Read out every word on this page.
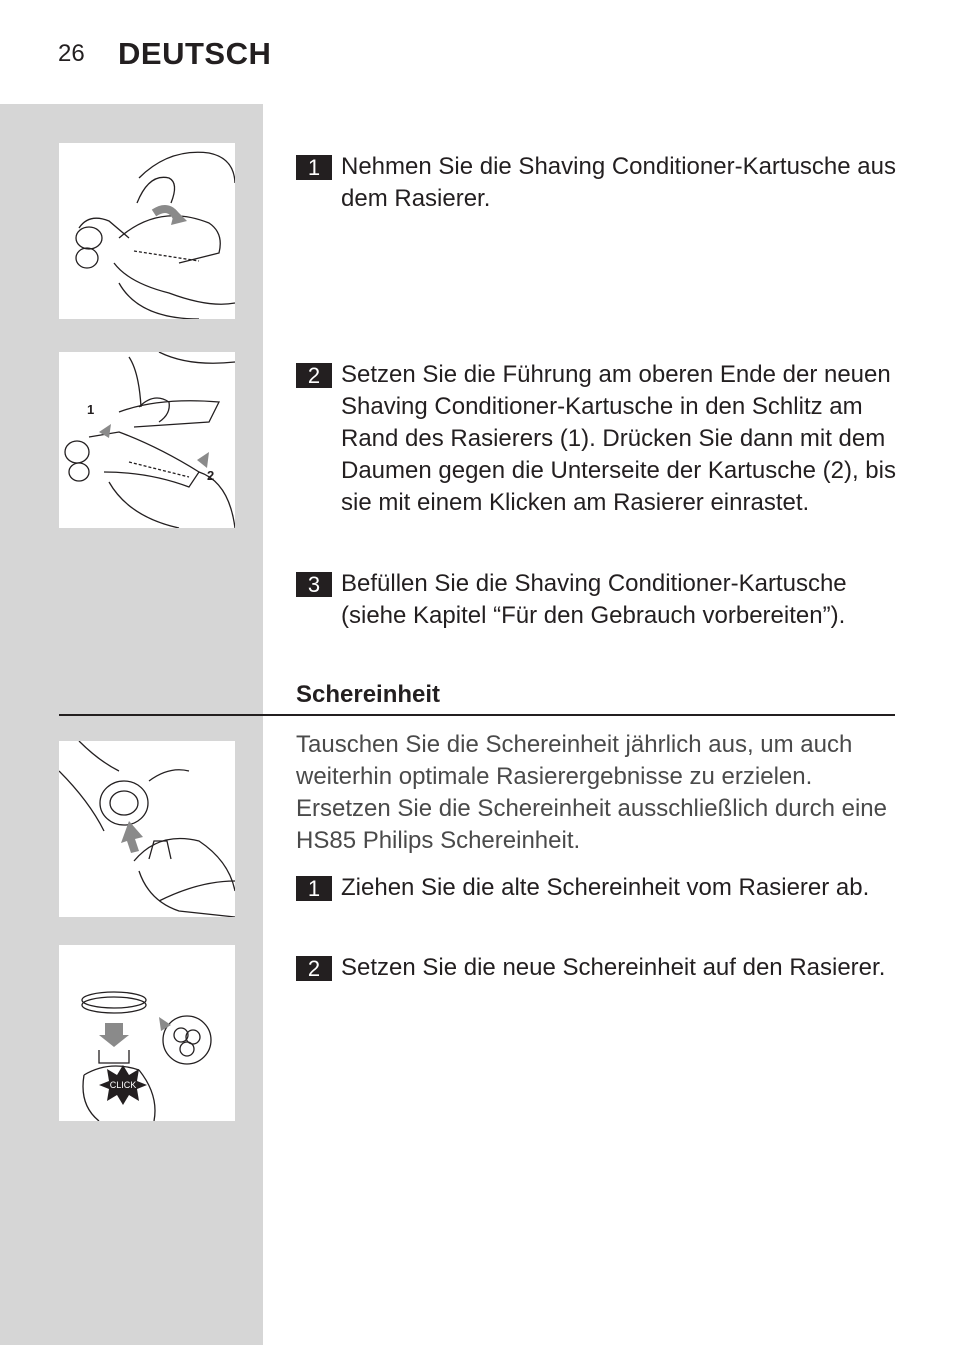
26 DEUTSCH
1
2
CLICK
1 Nehmen Sie die Shaving Conditioner-Kartusche aus dem Rasierer.
2 Setzen Sie die Führung am oberen Ende der neuen Shaving Conditioner-Kartusche in den Schlitz am Rand des Rasierers (1). Drücken Sie dann mit dem Daumen gegen die Unterseite der Kartusche (2), bis sie mit einem Klicken am Rasierer einrastet.
3 Befüllen Sie die Shaving Conditioner-Kartusche (siehe Kapitel “Für den Gebrauch vorbereiten”).
Schereinheit
Tauschen Sie die Schereinheit jährlich aus, um auch weiterhin optimale Rasierergebnisse zu erzielen. Ersetzen Sie die Schereinheit ausschließlich durch eine HS85 Philips Schereinheit.
1 Ziehen Sie die alte Schereinheit vom Rasierer ab.
2 Setzen Sie die neue Schereinheit auf den Rasierer.
